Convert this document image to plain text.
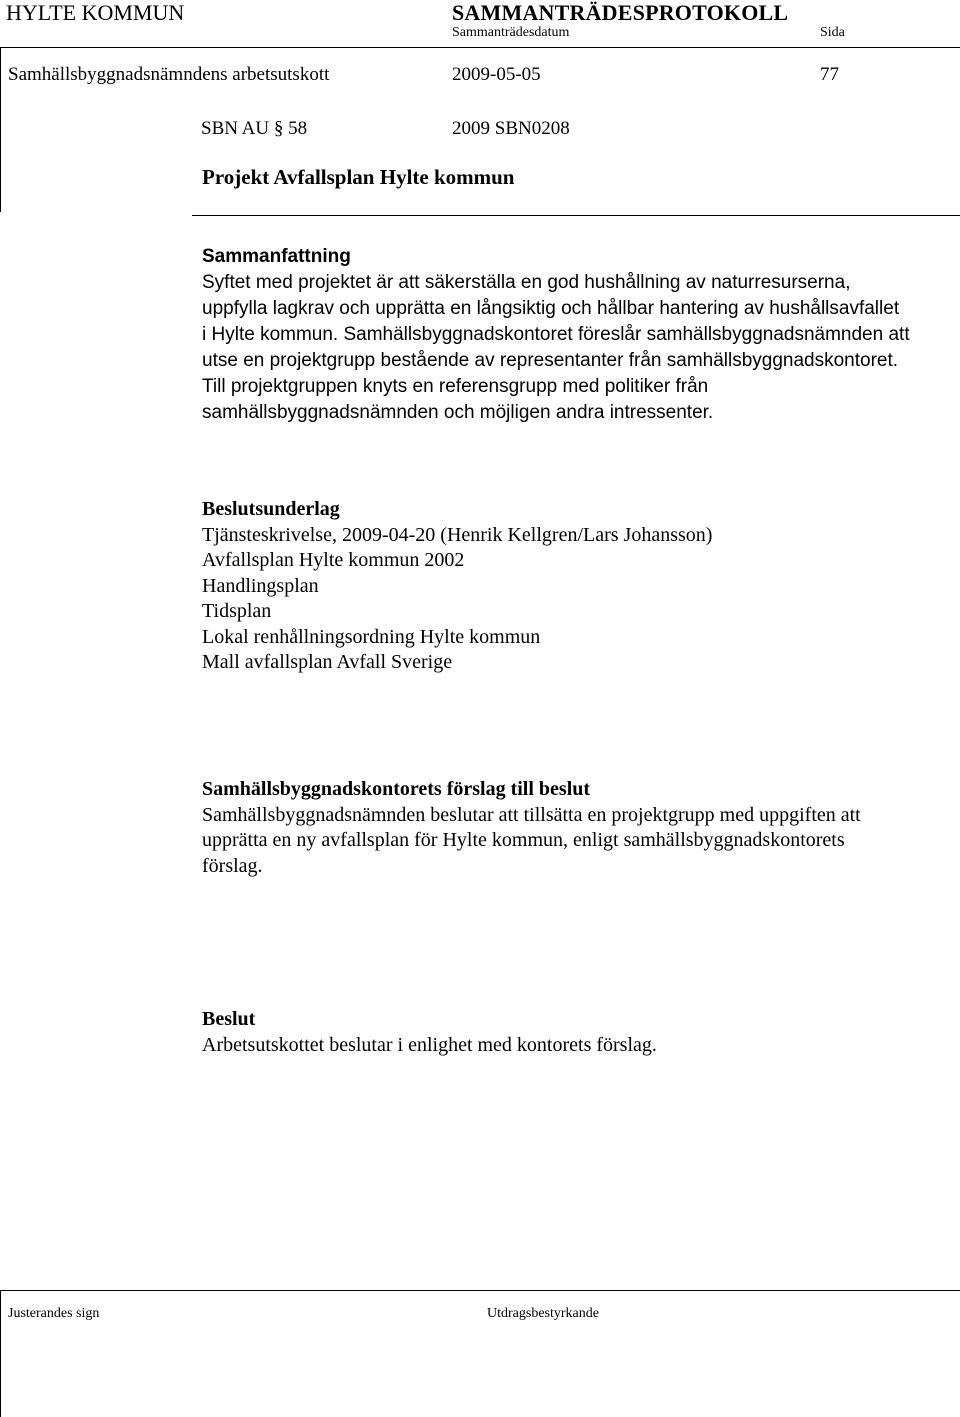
HYLTE KOMMUN	SAMMANTRÄDESPROTOKOLL
Sammanträdesdatum	Sida
Samhällsbyggnadsnämndens arbetsutskott	2009-05-05	77
SBN AU § 58	2009 SBN0208
Projekt Avfallsplan Hylte kommun
Sammanfattning
Syftet med projektet är att säkerställa en god hushållning av naturresurserna,
uppfylla lagkrav och upprätta en långsiktig och hållbar hantering av hushållsavfallet
i Hylte kommun. Samhällsbyggnadskontoret föreslår samhällsbyggnadsnämnden att
utse en projektgrupp bestående av representanter från samhällsbyggnadskontoret.
Till projektgruppen knyts en referensgrupp med politiker från
samhällsbyggnadsnämnden och möjligen andra intressenter.
Beslutsunderlag
Tjänsteskrivelse, 2009-04-20 (Henrik Kellgren/Lars Johansson)
Avfallsplan Hylte kommun 2002
Handlingsplan
Tidsplan
Lokal renhållningsordning Hylte kommun
Mall avfallsplan Avfall Sverige
Samhällsbyggnadskontorets förslag till beslut
Samhällsbyggnadsnämnden beslutar att tillsätta en projektgrupp med uppgiften att
upprätta en ny avfallsplan för Hylte kommun, enligt samhällsbyggnadskontorets
förslag.
Beslut
Arbetsutskottet beslutar i enlighet med kontorets förslag.
Justerandes sign	Utdragsbestyrkande
